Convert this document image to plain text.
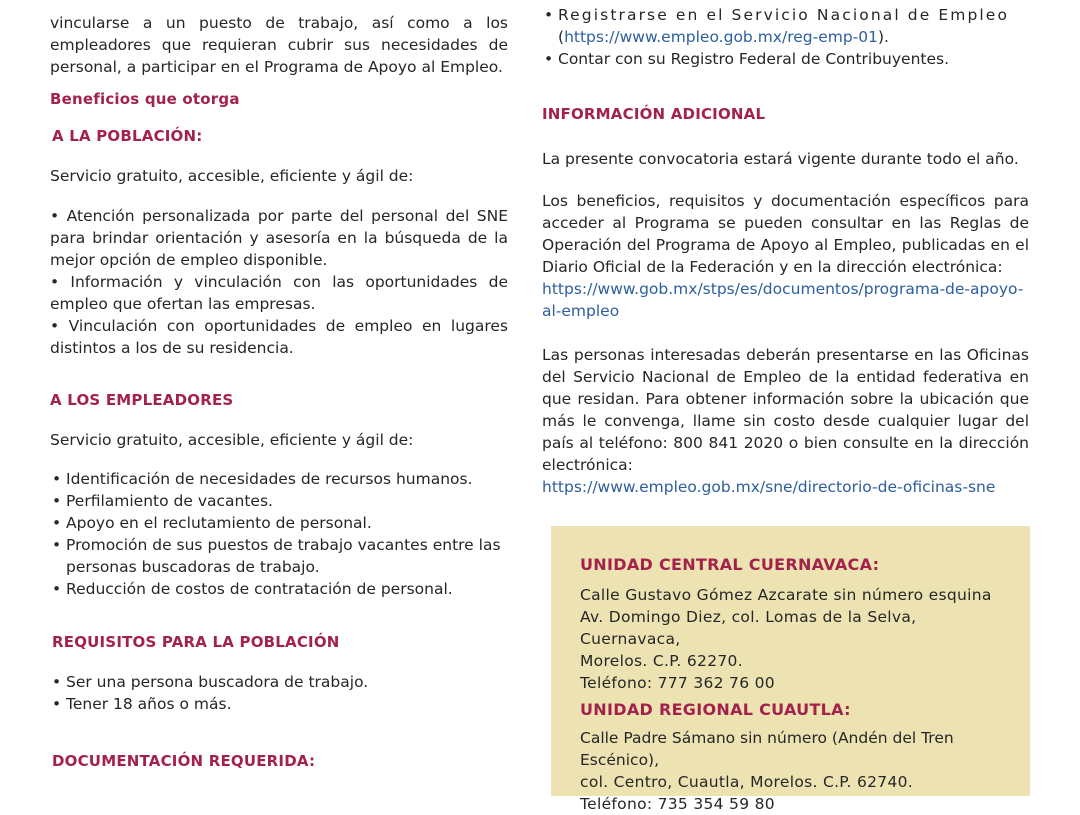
vincularse a un puesto de trabajo, así como a los

empleadores que requieran cubrir sus necesidades de

personal, a participar en el Programa de Apoyo al Empleo.

Beneficios que otorga

A LA POBLACIÓN:

Servicio gratuito, accesible, eficiente y ágil de:

• Atención personalizada por parte del personal del SNE para brindar orientación y asesoría en la búsqueda de la mejor opción de empleo disponible.

• Información y vinculación con las oportunidades de empleo que ofertan las empresas.

• Vinculación con oportunidades de empleo en lugares distintos a los de su residencia.

A LOS EMPLEADORES

Servicio gratuito, accesible, eficiente y ágil de:

• Identificación de necesidades de recursos humanos.
• Perfilamiento de vacantes.
• Apoyo en el reclutamiento de personal.
• Promoción de sus puestos de trabajo vacantes entre las personas buscadoras de trabajo.
• Reducción de costos de contratación de personal.

REQUISITOS PARA LA POBLACIÓN

• Ser una persona buscadora de trabajo.
• Tener 18 años o más.

DOCUMENTACIÓN REQUERIDA:

• Registrarse en el Servicio Nacional de Empleo
(https://www.empleo.gob.mx/reg-emp-01).
• Contar con su Registro Federal de Contribuyentes.

INFORMACIÓN ADICIONAL

La presente convocatoria estará vigente durante todo el año.

Los beneficios, requisitos y documentación específicos para acceder al Programa se pueden consultar en las Reglas de Operación del Programa de Apoyo al Empleo, publicadas en el Diario Oficial de la Federación y en la dirección electrónica:

https://www.gob.mx/stps/es/documentos/programa-de-apoyo-
al-empleo

Las personas interesadas deberán presentarse en las Oficinas del Servicio Nacional de Empleo de la entidad federativa en que residan. Para obtener información sobre la ubicación que más le convenga, llame sin costo desde cualquier lugar del país al teléfono: 800 841 2020 o bien consulte en la dirección electrónica:

https://www.empleo.gob.mx/sne/directorio-de-oficinas-sne

UNIDAD CENTRAL CUERNAVACA:

Calle Gustavo Gómez Azcarate sin número esquina

Av. Domingo Diez, col. Lomas de la Selva, Cuernavaca,

Morelos. C.P. 62270.

Teléfono: 777 362 76 00

UNIDAD REGIONAL CUAUTLA:

Calle Padre Sámano sin número (Andén del Tren Escénico),

col. Centro, Cuautla, Morelos. C.P. 62740.

Teléfono: 735 354 59 80
